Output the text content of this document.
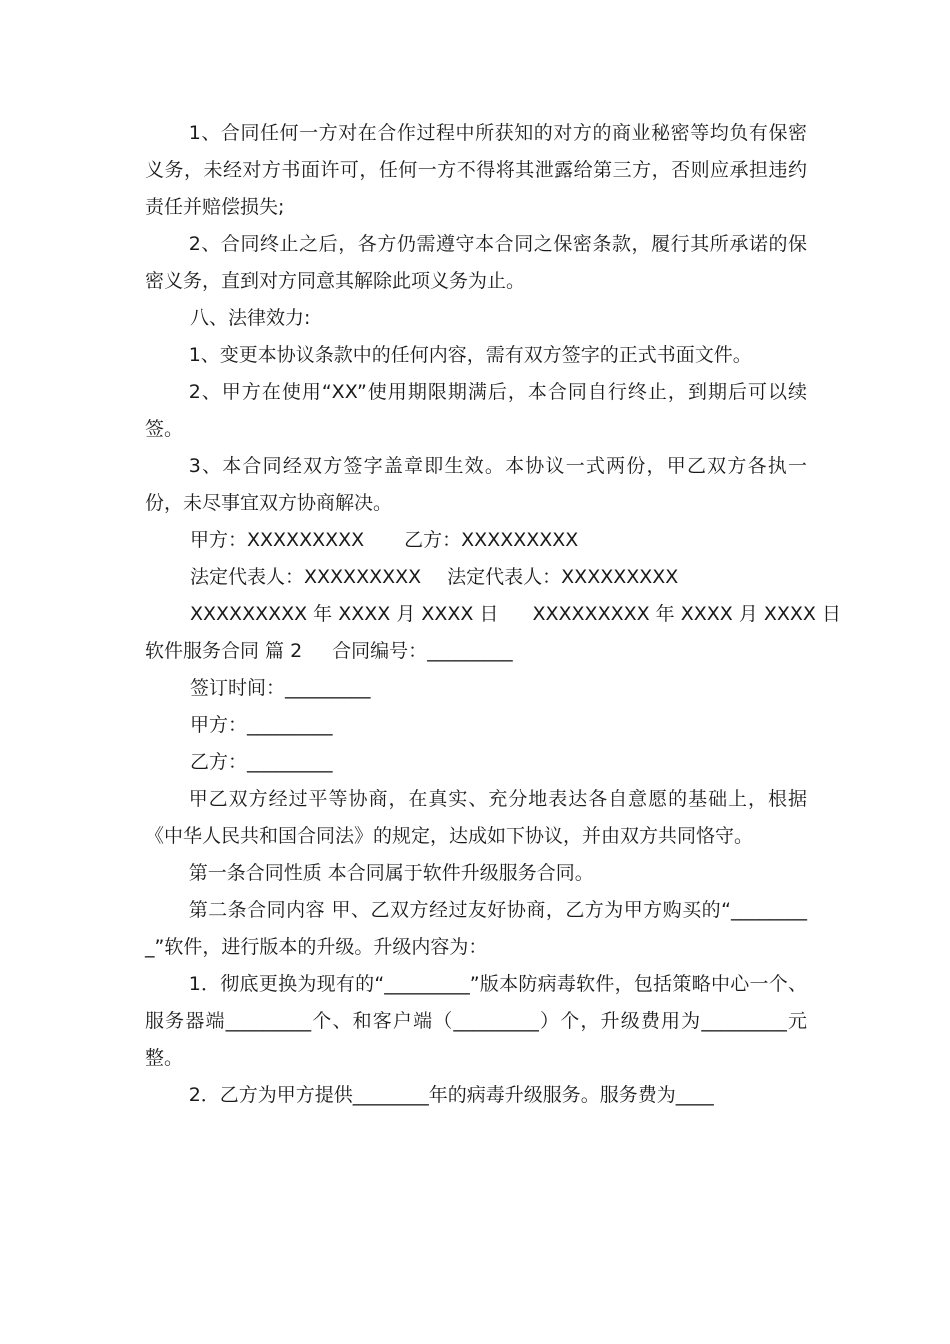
1、合同任何一方对在合作过程中所获知的对方的商业秘密等均负有保密义务，未经对方书面许可，任何一方不得将其泄露给第三方，否则应承担违约责任并赔偿损失;

2、合同终止之后，各方仍需遵守本合同之保密条款，履行其所承诺的保密义务，直到对方同意其解除此项义务为止。

八、法律效力:

1、变更本协议条款中的任何内容，需有双方签字的正式书面文件。

2、甲方在使用“XX”使用期限期满后，本合同自行终止，到期后可以续签。

3、本合同经双方签字盖章即生效。本协议一式两份，甲乙双方各执一份，未尽事宜双方协商解决。

甲方：XXXXXXXXX 乙方：XXXXXXXXX
法定代表人：XXXXXXXXX 法定代表人：XXXXXXXXX
XXXXXXXXX 年 XXXX 月 XXXX 日 XXXXXXXXX 年 XXXX 月 XXXX 日
软件服务合同 篇 2 合同编号：_________

签订时间：_________

甲方：_________

乙方：_________

甲乙双方经过平等协商，在真实、充分地表达各自意愿的基础上，根据《中华人民共和国合同法》的规定，达成如下协议，并由双方共同恪守。

第一条合同性质 本合同属于软件升级服务合同。

第二条合同内容 甲、乙双方经过友好协商，乙方为甲方购买的“_________”软件，进行版本的升级。升级内容为：

1．彻底更换为现有的“_________”版本防病毒软件，包括策略中心一个、服务器端_________个、和客户端（_________）个，升级费用为_________元整。

2．乙方为甲方提供________年的病毒升级服务。服务费为____
